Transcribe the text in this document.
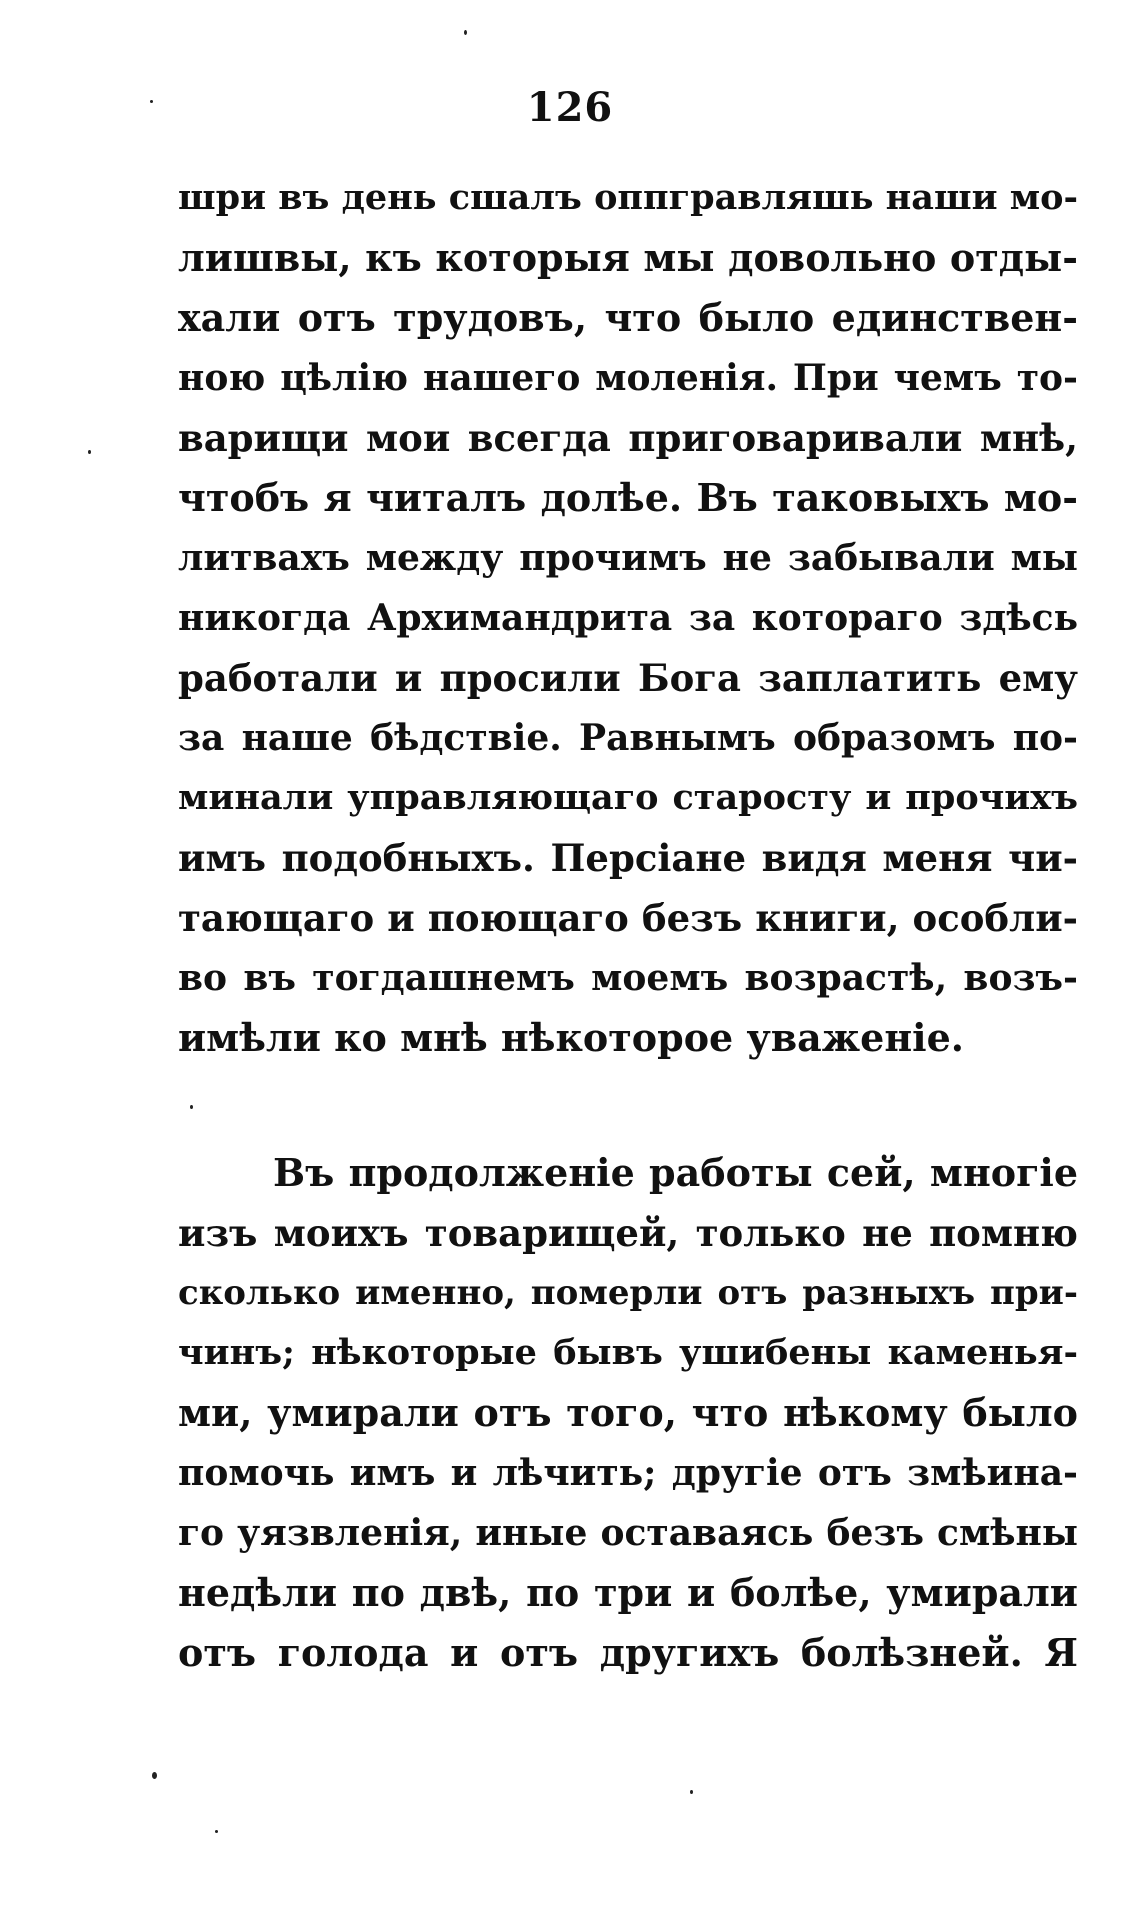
126
шри въ день сшалъ оппгравляшь наши мо-
лишвы, къ которыя мы довольно отды-
хали отъ трудовъ, что было единствен-
ною цѣлію нашего моленія. При чемъ то-
варищи мои всегда приговаривали мнѣ,
чтобъ я читалъ долѣе. Въ таковыхъ мо-
литвахъ между прочимъ не забывали мы
никогда Архимандрита за котораго здѣсь
работали и просили Бога заплатить ему
за наше бѣдствіе. Равнымъ образомъ по-
минали управляющаго старосту и прочихъ
имъ подобныхъ. Персіане видя меня чи-
тающаго и поющаго безъ книги, особли-
во въ тогдашнемъ моемъ возрастѣ, возъ-
имѣли ко мнѣ нѣкоторое уваженіе.
Въ продолженіе работы сей, многіе
изъ моихъ товарищей, только не помню
сколько именно, померли отъ разныхъ при-
чинъ; нѣкоторые бывъ ушибены каменья-
ми, умирали отъ того, что нѣкому было
помочь имъ и лѣчить; другіе отъ змѣина-
го уязвленія, иные оставаясь безъ смѣны
недѣли по двѣ, по три и болѣе, умирали
отъ голода и отъ другихъ болѣзней. Я
